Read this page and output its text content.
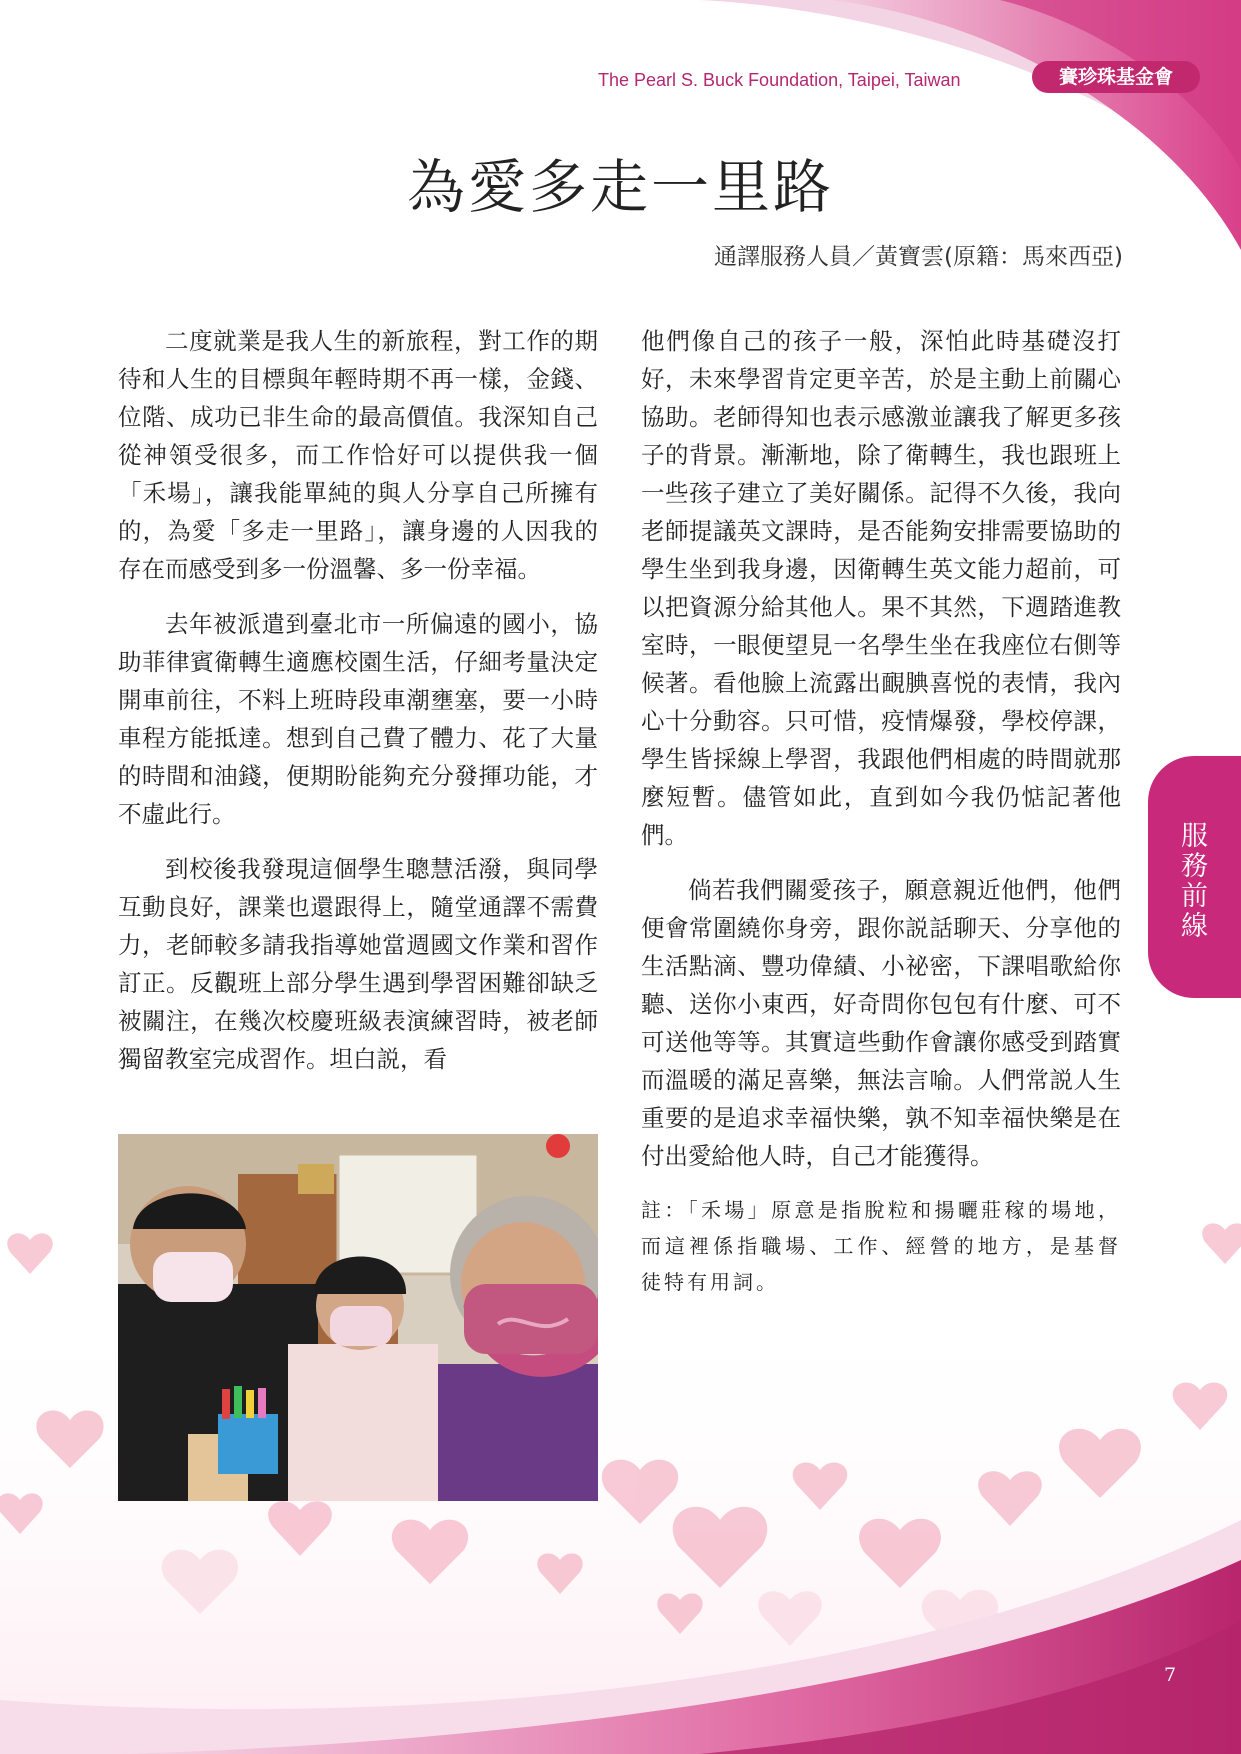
The Pearl S. Buck Foundation, Taipei, Taiwan	賽珍珠基金會
為愛多走一里路
通譯服務人員／黃寶雲(原籍：馬來西亞)

二度就業是我人生的新旅程，對工作的期待和人生的目標與年輕時期不再一樣，金錢、位階、成功已非生命的最高價值。我深知自己從神領受很多，而工作恰好可以提供我一個「禾場」，讓我能單純的與人分享自己所擁有的，為愛「多走一里路」，讓身邊的人因我的存在而感受到多一份溫馨、多一份幸福。

去年被派遣到臺北市一所偏遠的國小，協助菲律賓衛轉生適應校園生活，仔細考量決定開車前往，不料上班時段車潮壅塞，要一小時車程方能抵達。想到自己費了體力、花了大量的時間和油錢，便期盼能夠充分發揮功能，才不虛此行。

到校後我發現這個學生聰慧活潑，與同學互動良好，課業也還跟得上，隨堂通譯不需費力，老師較多請我指導她當週國文作業和習作訂正。反觀班上部分學生遇到學習困難卻缺乏被關注，在幾次校慶班級表演練習時，被老師獨留教室完成習作。坦白説，看

他們像自己的孩子一般，深怕此時基礎沒打好，未來學習肯定更辛苦，於是主動上前關心協助。老師得知也表示感激並讓我了解更多孩子的背景。漸漸地，除了衛轉生，我也跟班上一些孩子建立了美好關係。記得不久後，我向老師提議英文課時，是否能夠安排需要協助的學生坐到我身邊，因衛轉生英文能力超前，可以把資源分給其他人。果不其然，下週踏進教室時，一眼便望見一名學生坐在我座位右側等候著。看他臉上流露出靦腆喜悦的表情，我內心十分動容。只可惜，疫情爆發，學校停課，學生皆採線上學習，我跟他們相處的時間就那麼短暫。儘管如此，直到如今我仍惦記著他們。

倘若我們關愛孩子，願意親近他們，他們便會常圍繞你身旁，跟你説話聊天、分享他的生活點滴、豐功偉績、小祕密，下課唱歌給你聽、送你小東西，好奇問你包包有什麼、可不可送他等等。其實這些動作會讓你感受到踏實而溫暖的滿足喜樂，無法言喻。人們常説人生重要的是追求幸福快樂，孰不知幸福快樂是在付出愛給他人時，自己才能獲得。

註：「禾場」原意是指脫粒和揚曬莊稼的場地，而這裡係指職場、工作、經營的地方，是基督徒特有用詞。

服
務
前
線
7
